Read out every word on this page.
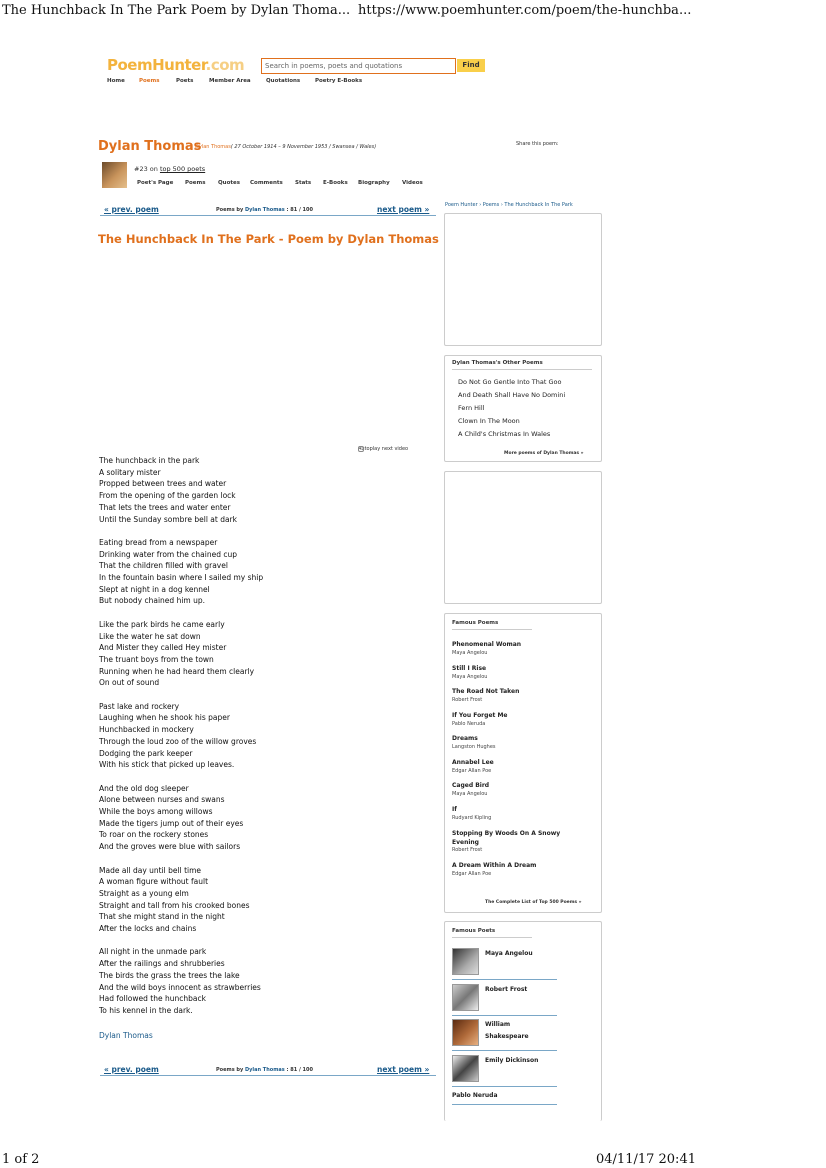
The Hunchback In The Park Poem by Dylan Thoma... https://www.poemhunter.com/poem/the-hunchba...
1 of 2	04/11/17 20:41
PoemHunter.com	Search in poems, poets and quotations	Find
Home	Poems	Poets	Member Area	Quotations	Poetry E-Books
Dylan Thomas
Dylan Thomas( 27 October 1914 – 9 November 1953 / Swansea / Wales)	Share this poem:
#23 on top 500 poets
Poet's Page Poems Quotes Comments Stats E-Books Biography Videos
« prev. poem	Poems by Dylan Thomas : 81 / 100	next poem »
The Hunchback In The Park - Poem by Dylan Thomas
Autoplay next video
The hunchback in the park
A solitary mister
Propped between trees and water
From the opening of the garden lock
That lets the trees and water enter
Until the Sunday sombre bell at dark
Eating bread from a newspaper
Drinking water from the chained cup
That the children filled with gravel
In the fountain basin where I sailed my ship
Slept at night in a dog kennel
But nobody chained him up.
Like the park birds he came early
Like the water he sat down
And Mister they called Hey mister
The truant boys from the town
Running when he had heard them clearly
On out of sound
Past lake and rockery
Laughing when he shook his paper
Hunchbacked in mockery
Through the loud zoo of the willow groves
Dodging the park keeper
With his stick that picked up leaves.
And the old dog sleeper
Alone between nurses and swans
While the boys among willows
Made the tigers jump out of their eyes
To roar on the rockery stones
And the groves were blue with sailors
Made all day until bell time
A woman figure without fault
Straight as a young elm
Straight and tall from his crooked bones
That she might stand in the night
After the locks and chains
All night in the unmade park
After the railings and shrubberies
The birds the grass the trees the lake
And the wild boys innocent as strawberries
Had followed the hunchback
To his kennel in the dark.
Dylan Thomas
« prev. poem	Poems by Dylan Thomas : 81 / 100	next poem »
Poem Hunter › Poems › The Hunchback In The Park
Dylan Thomas's Other Poems
Do Not Go Gentle Into That Goo
And Death Shall Have No Domini
Fern Hill
Clown In The Moon
A Child's Christmas In Wales
More poems of Dylan Thomas »
Famous Poems
Phenomenal Woman
Maya Angelou
Still I Rise
Maya Angelou
The Road Not Taken
Robert Frost
If You Forget Me
Pablo Neruda
Dreams
Langston Hughes
Annabel Lee
Edgar Allan Poe
Caged Bird
Maya Angelou
If
Rudyard Kipling
Stopping By Woods On A Snowy Evening
Robert Frost
A Dream Within A Dream
Edgar Allan Poe
The Complete List of Top 500 Poems »
Famous Poets
Maya Angelou
Robert Frost
William Shakespeare
Emily Dickinson
Pablo Neruda
